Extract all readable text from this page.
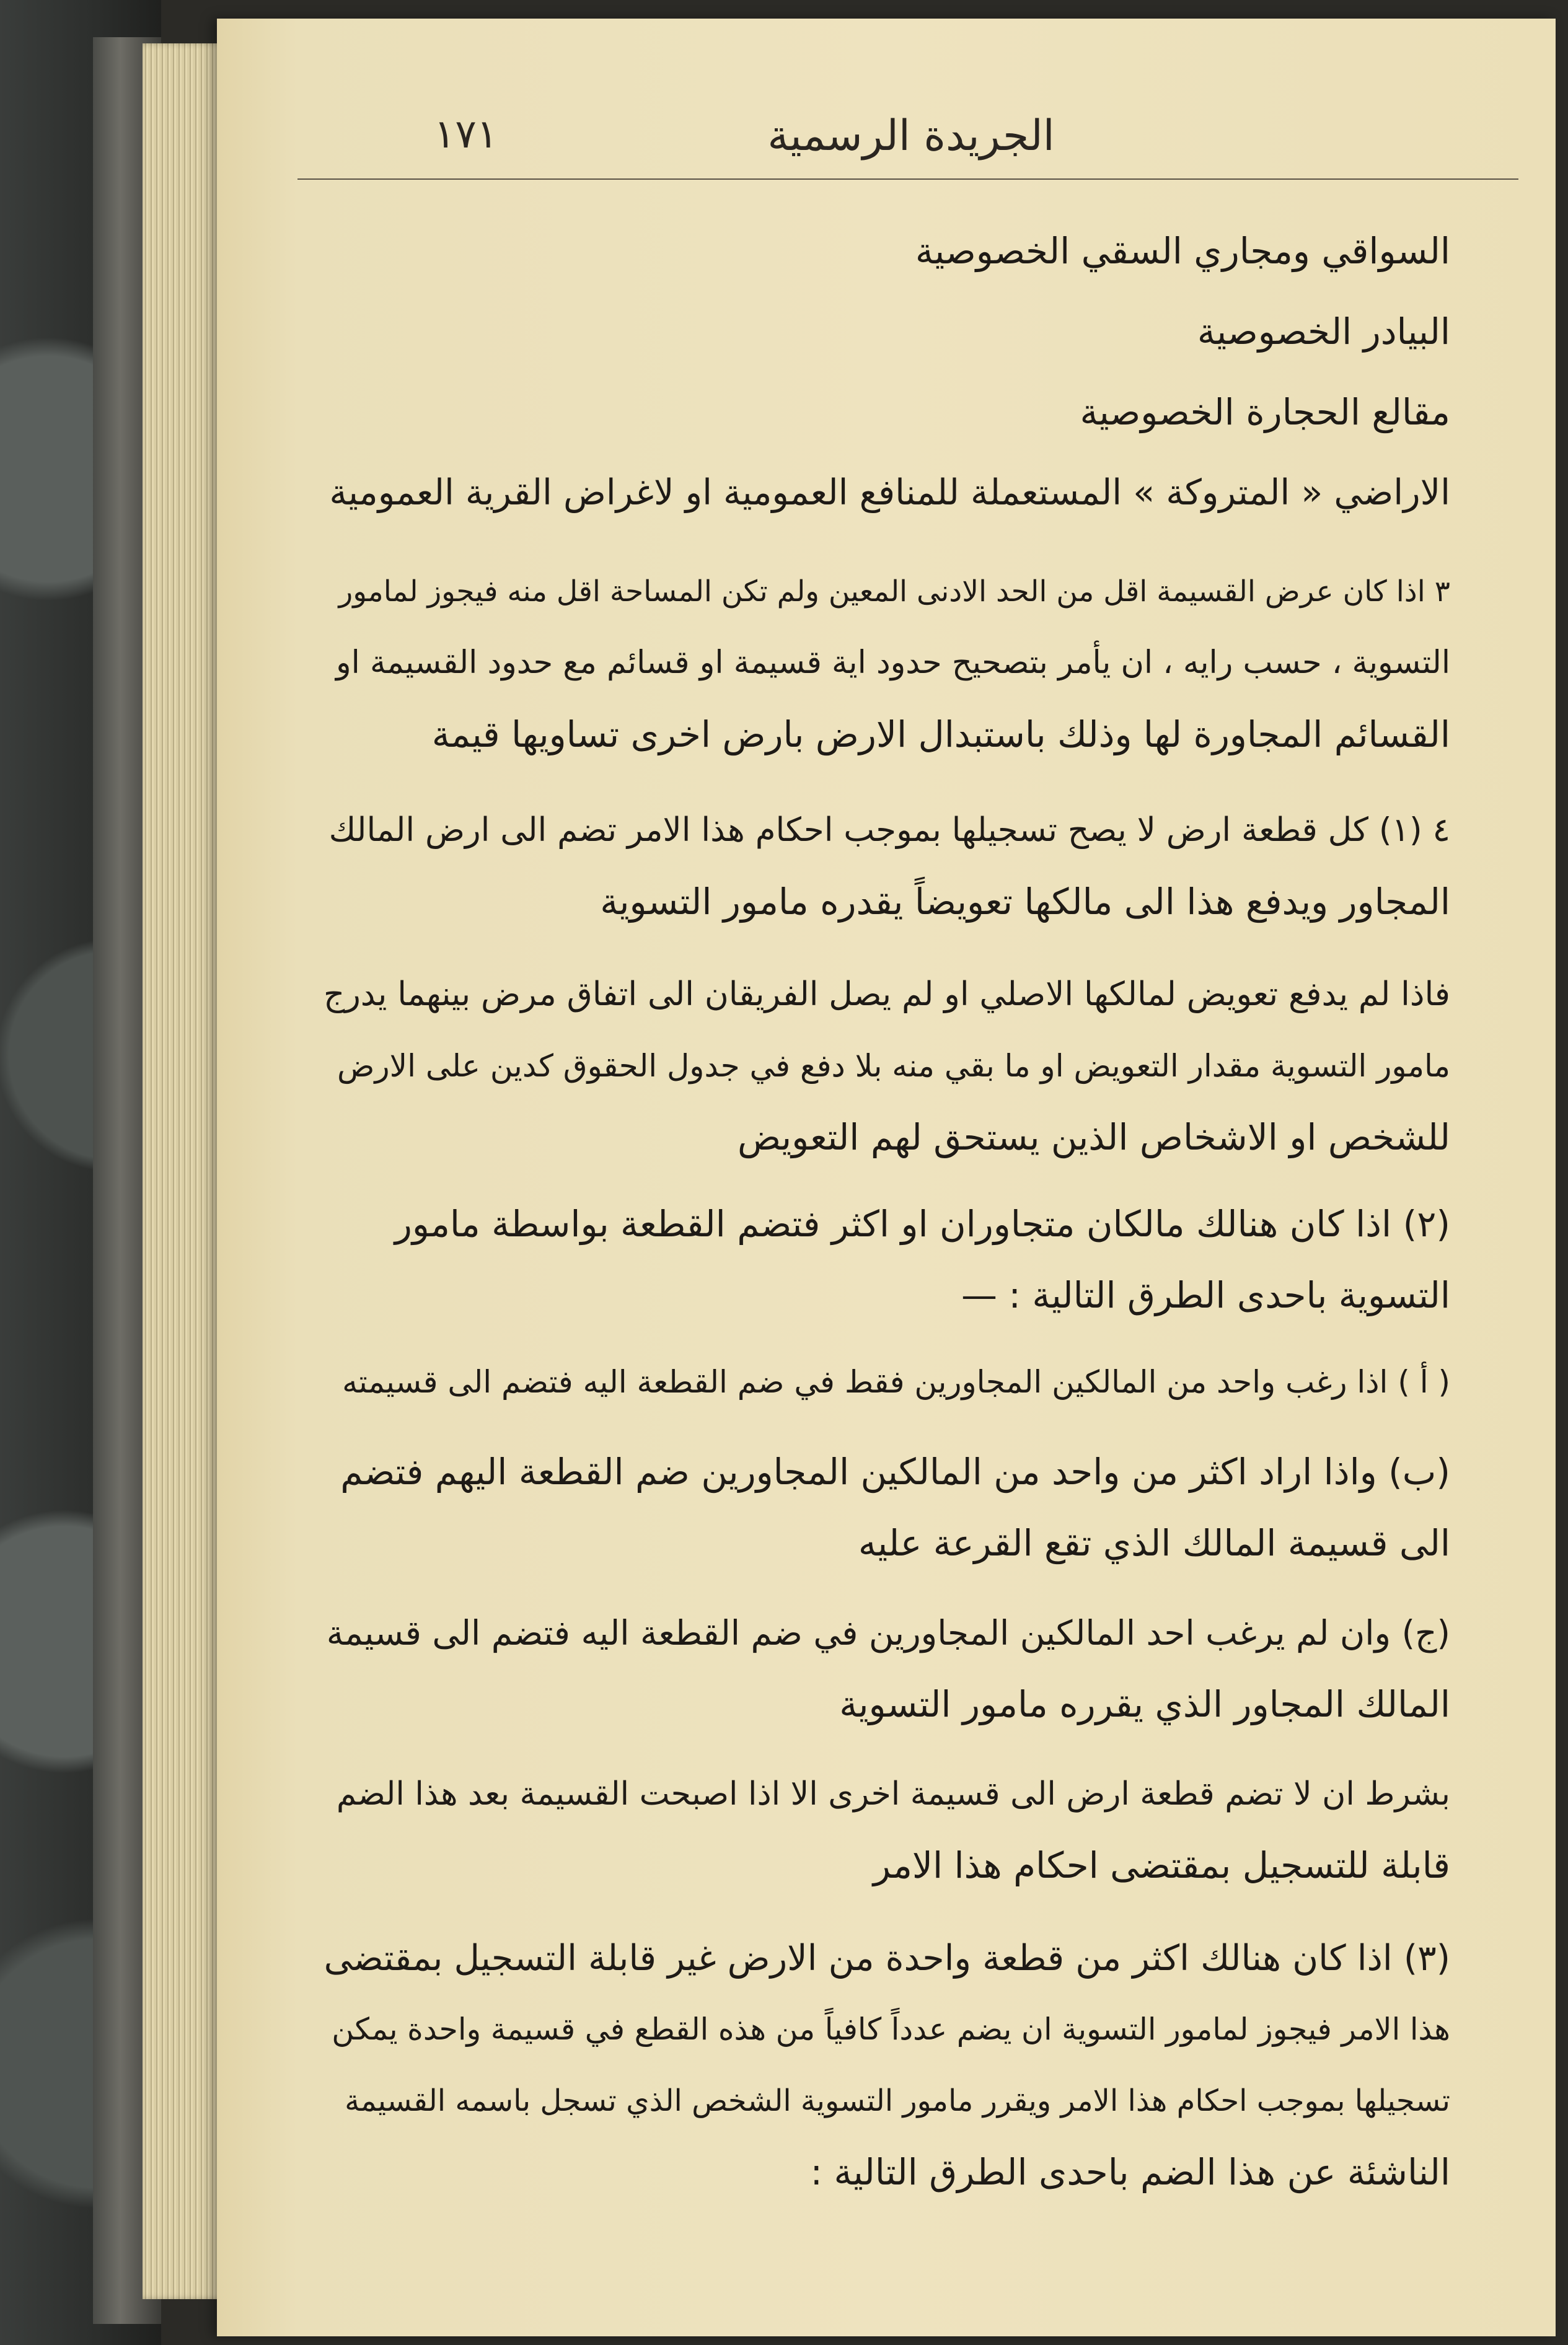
١٧١	الجريدة الرسمية
السواقي ومجاري السقي الخصوصية
البيادر الخصوصية
مقالع الحجارة الخصوصية
الاراضي « المتروكة » المستعملة للمنافع العمومية او لاغراض القرية العمومية
٣ اذا كان عرض القسيمة اقل من الحد الادنى المعين ولم تكن المساحة اقل منه فيجوز لمامور
التسوية ، حسب رايه ، ان يأمر بتصحيح حدود اية قسيمة او قسائم مع حدود القسيمة او
القسائم المجاورة لها وذلك باستبدال الارض بارض اخرى تساويها قيمة
٤ (١) كل قطعة ارض لا يصح تسجيلها بموجب احكام هذا الامر تضم الى ارض المالك
المجاور ويدفع هذا الى مالكها تعويضاً يقدره مامور التسوية
فاذا لم يدفع تعويض لمالكها الاصلي او لم يصل الفريقان الى اتفاق مرض بينهما يدرج
مامور التسوية مقدار التعويض او ما بقي منه بلا دفع في جدول الحقوق كدين على الارض
للشخص او الاشخاص الذين يستحق لهم التعويض
(٢) اذا كان هنالك مالكان متجاوران او اكثر فتضم القطعة بواسطة مامور
التسوية باحدى الطرق التالية : —
( أ ) اذا رغب واحد من المالكين المجاورين فقط في ضم القطعة اليه فتضم الى قسيمته
(ب) واذا اراد اكثر من واحد من المالكين المجاورين ضم القطعة اليهم فتضم
الى قسيمة المالك الذي تقع القرعة عليه
(ج) وان لم يرغب احد المالكين المجاورين في ضم القطعة اليه فتضم الى قسيمة
المالك المجاور الذي يقرره مامور التسوية
بشرط ان لا تضم قطعة ارض الى قسيمة اخرى الا اذا اصبحت القسيمة بعد هذا الضم
قابلة للتسجيل بمقتضى احكام هذا الامر
(٣) اذا كان هنالك اكثر من قطعة واحدة من الارض غير قابلة التسجيل بمقتضى
هذا الامر فيجوز لمامور التسوية ان يضم عدداً كافياً من هذه القطع في قسيمة واحدة يمكن
تسجيلها بموجب احكام هذا الامر ويقرر مامور التسوية الشخص الذي تسجل باسمه القسيمة
الناشئة عن هذا الضم باحدى الطرق التالية :
